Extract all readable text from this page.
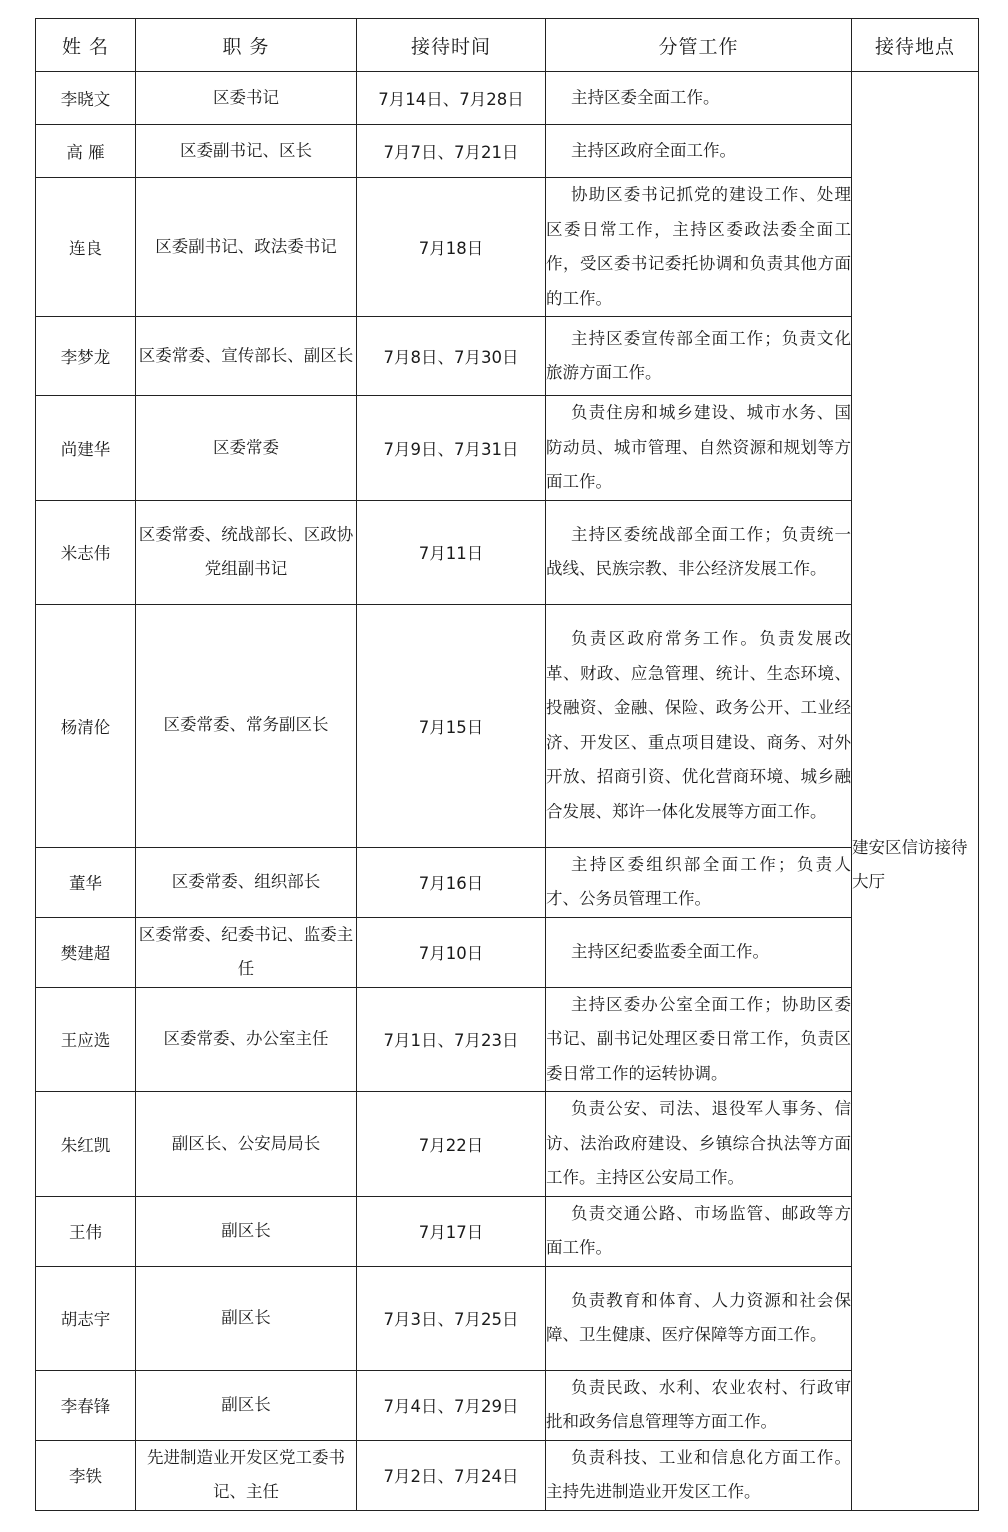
姓 名	职 务	接待时间	分管工作	接待地点
李晓文	区委书记	7月14日、7月28日	主持区委全面工作。	建安区信访接待大厅

高 雁	区委副书记、区长	7月7日、7月21日	主持区政府全面工作。	
连良	区委副书记、政法委书记	7月18日	协助区委书记抓党的建设工作、处理区委日常工作，主持区委政法委全面工作，受区委书记委托协调和负责其他方面的工作。	
李梦龙	区委常委、宣传部长、副区长	7月8日、7月30日	主持区委宣传部全面工作；负责文化旅游方面工作。	
尚建华	区委常委	7月9日、7月31日	负责住房和城乡建设、城市水务、国防动员、城市管理、自然资源和规划等方面工作。	
米志伟	区委常委、统战部长、区政协党组副书记	7月11日	主持区委统战部全面工作；负责统一战线、民族宗教、非公经济发展工作。	
杨清伦	区委常委、常务副区长	7月15日	负责区政府常务工作。负责发展改革、财政、应急管理、统计、生态环境、投融资、金融、保险、政务公开、工业经济、开发区、重点项目建设、商务、对外开放、招商引资、优化营商环境、城乡融合发展、郑许一体化发展等方面工作。	
董华	区委常委、组织部长	7月16日	主持区委组织部全面工作；负责人才、公务员管理工作。	
樊建超	区委常委、纪委书记、监委主任	7月10日	主持区纪委监委全面工作。	
王应选	区委常委、办公室主任	7月1日、7月23日	主持区委办公室全面工作；协助区委书记、副书记处理区委日常工作，负责区委日常工作的运转协调。	
朱红凯	副区长、公安局局长	7月22日	负责公安、司法、退役军人事务、信访、法治政府建设、乡镇综合执法等方面工作。主持区公安局工作。	
王伟	副区长	7月17日	负责交通公路、市场监管、邮政等方面工作。	
胡志宇	副区长	7月3日、7月25日	负责教育和体育、人力资源和社会保障、卫生健康、医疗保障等方面工作。	
李春锋	副区长	7月4日、7月29日	负责民政、水利、农业农村、行政审批和政务信息管理等方面工作。	
李铁	先进制造业开发区党工委书记、主任	7月2日、7月24日	负责科技、工业和信息化方面工作。主持先进制造业开发区工作。	
